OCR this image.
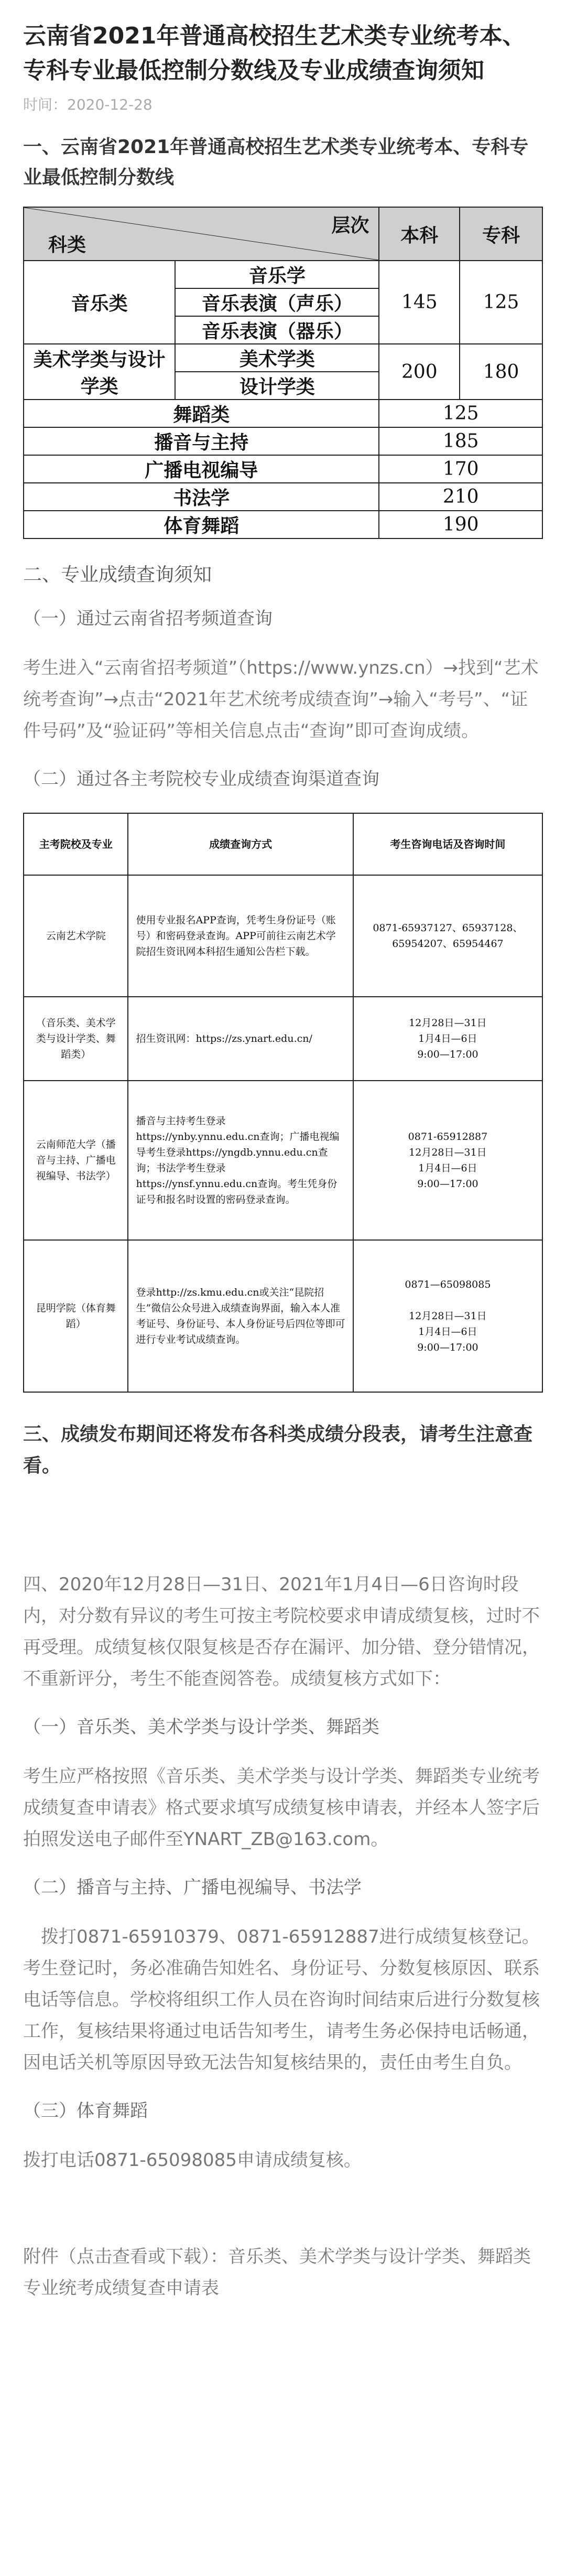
云南省2021年普通高校招生艺术类专业统考本、专科专业最低控制分数线及专业成绩查询须知
时间：2020-12-28
一、云南省2021年普通高校招生艺术类专业统考本、专科专业最低控制分数线
层次
科类		本科	专科
音乐类	音乐学	145	125
	音乐表演（声乐）		
	音乐表演（器乐）		
美术学类与设计学类	美术学类	200	180
	设计学类		
舞蹈类		125	
播音与主持		185	
广播电视编导		170	
书法学		210	
体育舞蹈		190	
二、专业成绩查询须知
（一）通过云南省招考频道查询
考生进入“云南省招考频道”（https://www.ynzs.cn）→找到“艺术统考查询”→点击“2021年艺术统考成绩查询”→输入“考号”、“证件号码”及“验证码”等相关信息点击“查询”即可查询成绩。
（二）通过各主考院校专业成绩查询渠道查询
主考院校及专业	成绩查询方式	考生咨询电话及咨询时间
云南艺术学院	使用专业报名APP查询，凭考生身份证号（账号）和密码登录查询。APP可前往云南艺术学院招生资讯网本科招生通知公告栏下载。	0871-65937127、65937128、65954207、65954467
（音乐类、美术学类与设计学类、舞蹈类）	招生资讯网：https://zs.ynart.edu.cn/	12月28日—31日
1月4日—6日
9:00—17:00
云南师范大学（播音与主持、广播电视编导、书法学）	播音与主持考生登录https://ynby.ynnu.edu.cn查询；广播电视编导考生登录https://yngdb.ynnu.edu.cn查询；书法学考生登录https://ynsf.ynnu.edu.cn查询。考生凭身份证号和报名时设置的密码登录查询。	0871-65912887
12月28日—31日
1月4日—6日
9:00—17:00
昆明学院（体育舞蹈）	登录http://zs.kmu.edu.cn或关注“昆院招生”微信公众号进入成绩查询界面，输入本人准考证号、身份证号、本人身份证号后四位等即可进行专业考试成绩查询。	0871—65098085

12月28日—31日
1月4日—6日
9:00—17:00
三、成绩发布期间还将发布各科类成绩分段表，请考生注意查看。
四、2020年12月28日—31日、2021年1月4日—6日咨询时段内，对分数有异议的考生可按主考院校要求申请成绩复核，过时不再受理。成绩复核仅限复核是否存在漏评、加分错、登分错情况，不重新评分，考生不能查阅答卷。成绩复核方式如下：
（一）音乐类、美术学类与设计学类、舞蹈类
考生应严格按照《音乐类、美术学类与设计学类、舞蹈类专业统考成绩复查申请表》格式要求填写成绩复核申请表，并经本人签字后拍照发送电子邮件至YNART_ZB@163.com。
（二）播音与主持、广播电视编导、书法学
拨打0871-65910379、0871-65912887进行成绩复核登记。考生登记时，务必准确告知姓名、身份证号、分数复核原因、联系电话等信息。学校将组织工作人员在咨询时间结束后进行分数复核工作，复核结果将通过电话告知考生，请考生务必保持电话畅通，因电话关机等原因导致无法告知复核结果的，责任由考生自负。
（三）体育舞蹈
拨打电话0871-65098085申请成绩复核。
附件（点击查看或下载）：音乐类、美术学类与设计学类、舞蹈类专业统考成绩复查申请表
